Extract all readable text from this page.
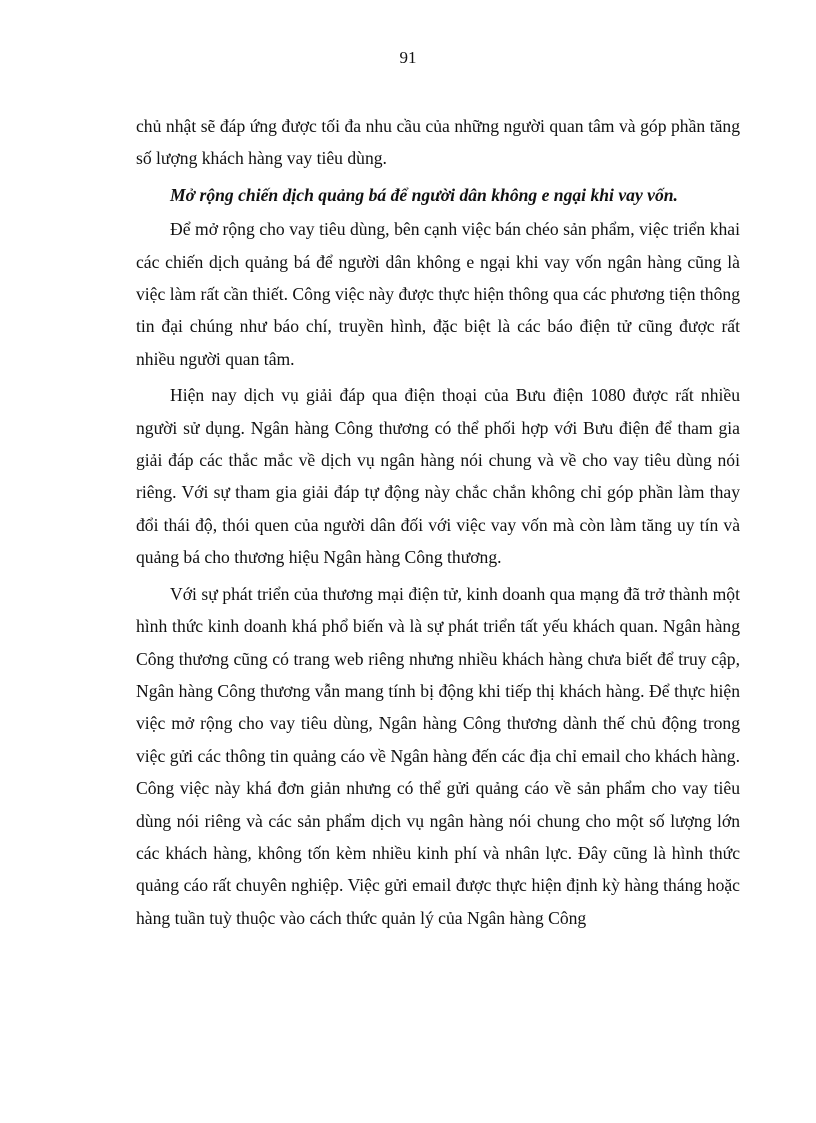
91

chủ nhật sẽ đáp ứng được tối đa nhu cầu của những người quan tâm và góp phần tăng số lượng khách hàng vay tiêu dùng.

Mở rộng chiến dịch quảng bá để người dân không e ngại khi vay vốn.

Để mở rộng cho vay tiêu dùng, bên cạnh việc bán chéo sản phẩm, việc triển khai các chiến dịch quảng bá để người dân không e ngại khi vay vốn ngân hàng cũng là việc làm rất cần thiết. Công việc này được thực hiện thông qua các phương tiện thông tin đại chúng như báo chí, truyền hình, đặc biệt là các báo điện tử cũng được rất nhiều người quan tâm.

Hiện nay dịch vụ giải đáp qua điện thoại của Bưu điện 1080 được rất nhiều người sử dụng. Ngân hàng Công thương có thể phối hợp với Bưu điện để tham gia giải đáp các thắc mắc về dịch vụ ngân hàng nói chung và về cho vay tiêu dùng nói riêng. Với sự tham gia giải đáp tự động này chắc chắn không chỉ góp phần làm thay đổi thái độ, thói quen của người dân đối với việc vay vốn mà còn làm tăng uy tín và quảng bá cho thương hiệu Ngân hàng Công thương.

Với sự phát triển của thương mại điện tử, kinh doanh qua mạng đã trở thành một hình thức kinh doanh khá phổ biến và là sự phát triển tất yếu khách quan. Ngân hàng Công thương cũng có trang web riêng nhưng nhiều khách hàng chưa biết để truy cập, Ngân hàng Công thương vẫn mang tính bị động khi tiếp thị khách hàng. Để thực hiện việc mở rộng cho vay tiêu dùng, Ngân hàng Công thương dành thế chủ động trong việc gửi các thông tin quảng cáo về Ngân hàng đến các địa chỉ email cho khách hàng. Công việc này khá đơn giản nhưng có thể gửi quảng cáo về sản phẩm cho vay tiêu dùng nói riêng và các sản phẩm dịch vụ ngân hàng nói chung cho một số lượng lớn các khách hàng, không tốn kèm nhiều kinh phí và nhân lực. Đây cũng là hình thức quảng cáo rất chuyên nghiệp. Việc gửi email được thực hiện định kỳ hàng tháng hoặc hàng tuần tuỳ thuộc vào cách thức quản lý của Ngân hàng Công
